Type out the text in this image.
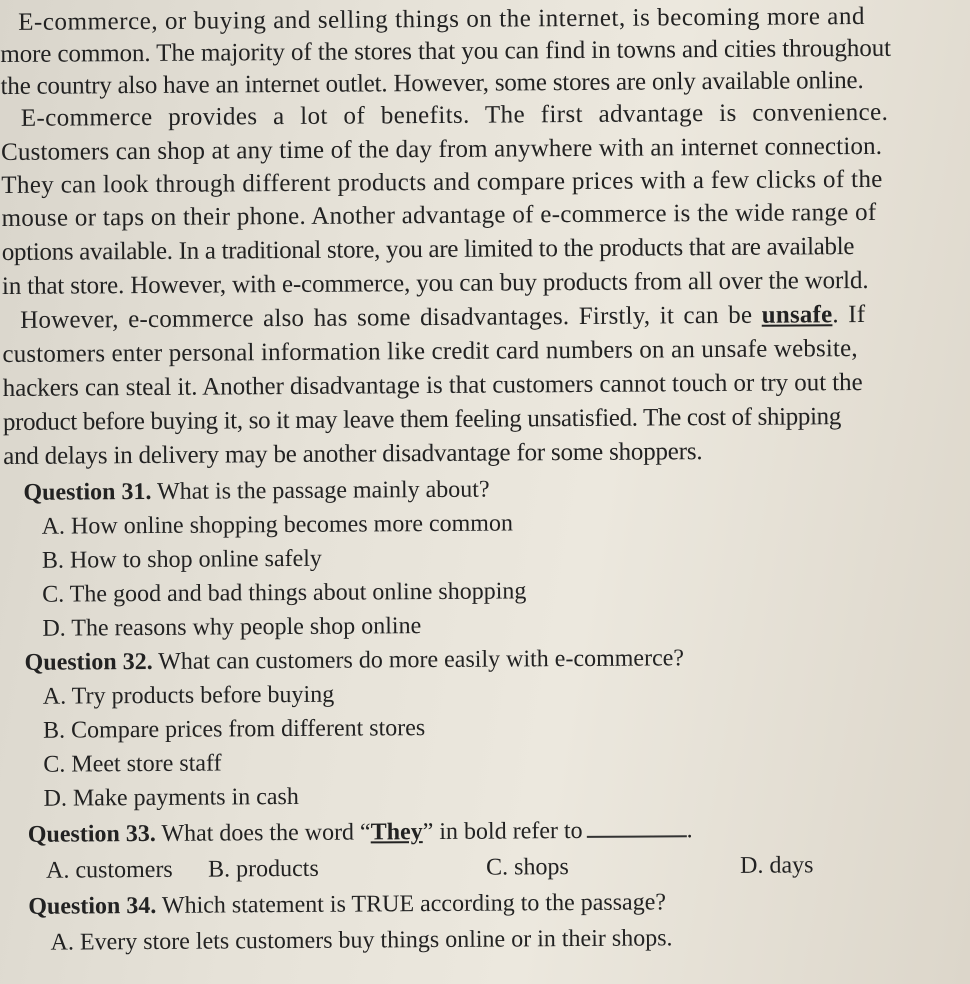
E-commerce, or buying and selling things on the internet, is becoming more and
more common. The majority of the stores that you can find in towns and cities throughout
the country also have an internet outlet. However, some stores are only available online.
E-commerce provides a lot of benefits. The first advantage is convenience.
Customers can shop at any time of the day from anywhere with an internet connection.
They can look through different products and compare prices with a few clicks of the
mouse or taps on their phone. Another advantage of e-commerce is the wide range of
options available. In a traditional store, you are limited to the products that are available
in that store. However, with e-commerce, you can buy products from all over the world.
However, e-commerce also has some disadvantages. Firstly, it can be unsafe. If
customers enter personal information like credit card numbers on an unsafe website,
hackers can steal it. Another disadvantage is that customers cannot touch or try out the
product before buying it, so it may leave them feeling unsatisfied. The cost of shipping
and delays in delivery may be another disadvantage for some shoppers.
Question 31. What is the passage mainly about?
A. How online shopping becomes more common
B. How to shop online safely
C. The good and bad things about online shopping
D. The reasons why people shop online
Question 32. What can customers do more easily with e-commerce?
A. Try products before buying
B. Compare prices from different stores
C. Meet store staff
D. Make payments in cash
Question 33. What does the word “They” in bold refer to	.
A. customers B. products	C. shops	D. days
Question 34. Which statement is TRUE according to the passage?
A. Every store lets customers buy things online or in their shops.
